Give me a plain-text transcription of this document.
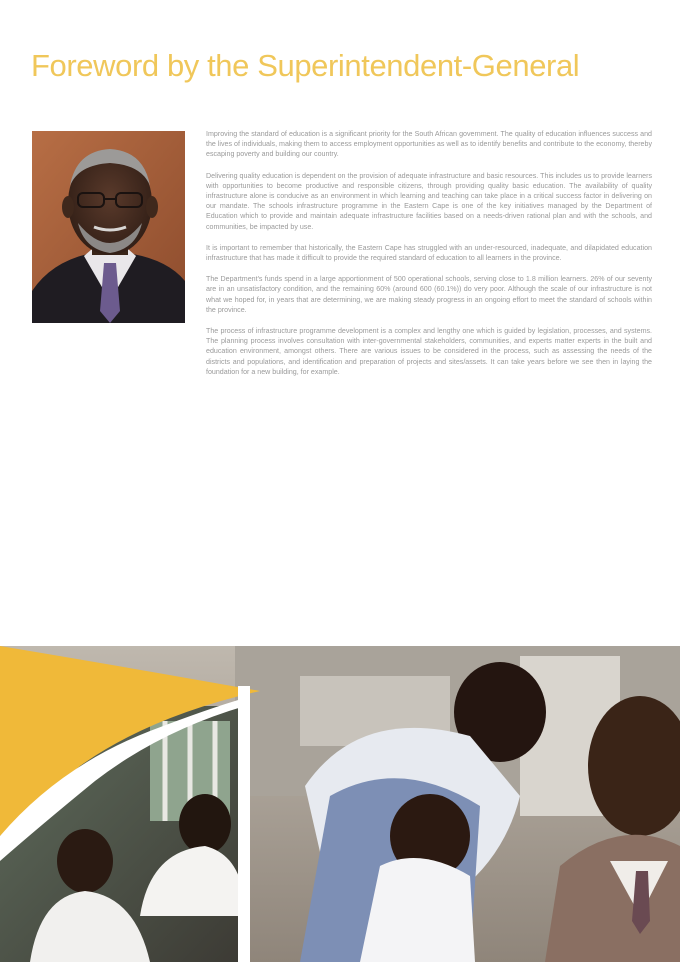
Foreword by the Superintendent-General

Improving the standard of education is a significant priority for the South African government. The quality of education influences success and the lives of individuals, making them to access employment opportunities as well as to identify benefits and contribute to the economy, thereby escaping poverty and building our country.

Delivering quality education is dependent on the provision of adequate infrastructure and basic resources. This includes us to provide learners with opportunities to become productive and responsible citizens, through providing quality basic education. The availability of quality infrastructure alone is conducive as an environment in which learning and teaching can take place in a critical success factor in delivering on our mandate. The schools infrastructure programme in the Eastern Cape is one of the key initiatives managed by the Department of Education which to provide and maintain adequate infrastructure facilities based on a needs-driven rational plan and with the schools, and communities, be impacted by use.

It is important to remember that historically, the Eastern Cape has struggled with an under-resourced, inadequate, and dilapidated education infrastructure that has made it difficult to provide the required standard of education to all learners in the province.

The Department's funds spend in a large apportionment of 500 operational schools, serving close to 1.8 million learners. 26% of our seventy are in an unsatisfactory condition, and the remaining 60% (around 600 (60.1%)) do very poor. Although the scale of our infrastructure is not what we hoped for, in years that are determining, we are making steady progress in an ongoing effort to meet the standard of schools within the province.

The process of infrastructure programme development is a complex and lengthy one which is guided by legislation, processes, and systems. The planning process involves consultation with inter-governmental stakeholders, communities, and experts matter experts in the built and education environment, amongst others. There are various issues to be considered in the process, such as assessing the needs of the districts and populations, and identification and preparation of projects and sites/assets. It can take years before we see then in laying the foundation for a new building, for example.
